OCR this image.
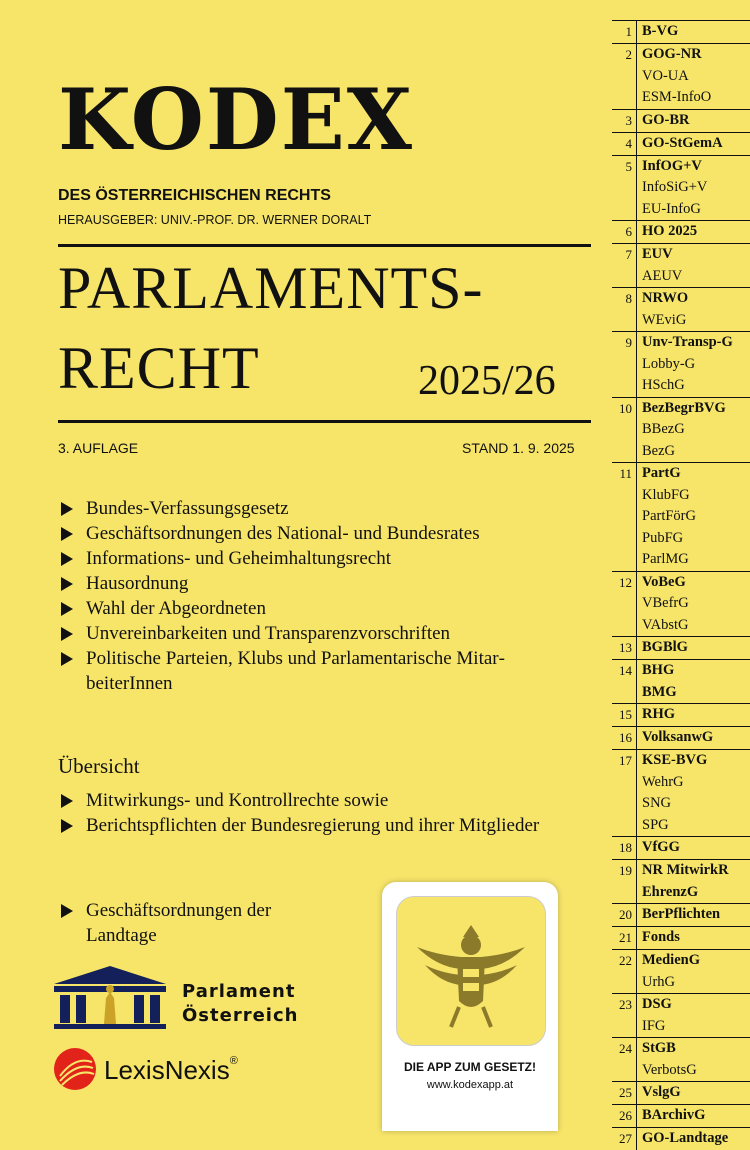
KODEX
DES ÖSTERREICHISCHEN RECHTS
HERAUSGEBER: UNIV.-PROF. DR. WERNER DORALT
PARLAMENTS-
RECHT	2025/26
3. AUFLAGE	STAND 1. 9. 2025
Bundes-Verfassungsgesetz
Geschäftsordnungen des National- und Bundesrates
Informations- und Geheimhaltungsrecht
Hausordnung
Wahl der Abgeordneten
Unvereinbarkeiten und Transparenzvorschriften
Politische Parteien, Klubs und Parlamentarische MitarbeiterInnen
Übersicht
Mitwirkungs- und Kontrollrechte sowie
Berichtspflichten der Bundesregierung und ihrer Mitglieder
Geschäftsordnungen der Landtage
Parlament
Österreich
LexisNexis®	DIE APP ZUM GESETZ!
www.kodexapp.at
1 B-VG
2 GOG-NR
VO-UA
ESM-InfoO
3 GO-BR
4 GO-StGemA
5 InfOG+V
InfoSiG+V
EU-InfoG
6 HO 2025
7 EUV
AEUV
8 NRWO
WEviG
9 Unv-Transp-G
Lobby-G
HSchG
10 BezBegrBVG
BBezG
BezG
11 PartG
KlubFG
PartFörG
PubFG
ParlMG
12 VoBeG
VBefrG
VAbstG
13 BGBlG
14 BHG
BMG
15 RHG
16 VolksanwG
17 KSE-BVG
WehrG
SNG
SPG
18 VfGG
19 NR MitwirkR
EhrenzG
20 BerPflichten
21 Fonds
22 MedienG
UrhG
23 DSG
IFG
24 StGB
VerbotsG
25 VslgG
26 BArchivG
27 GO-Landtage
